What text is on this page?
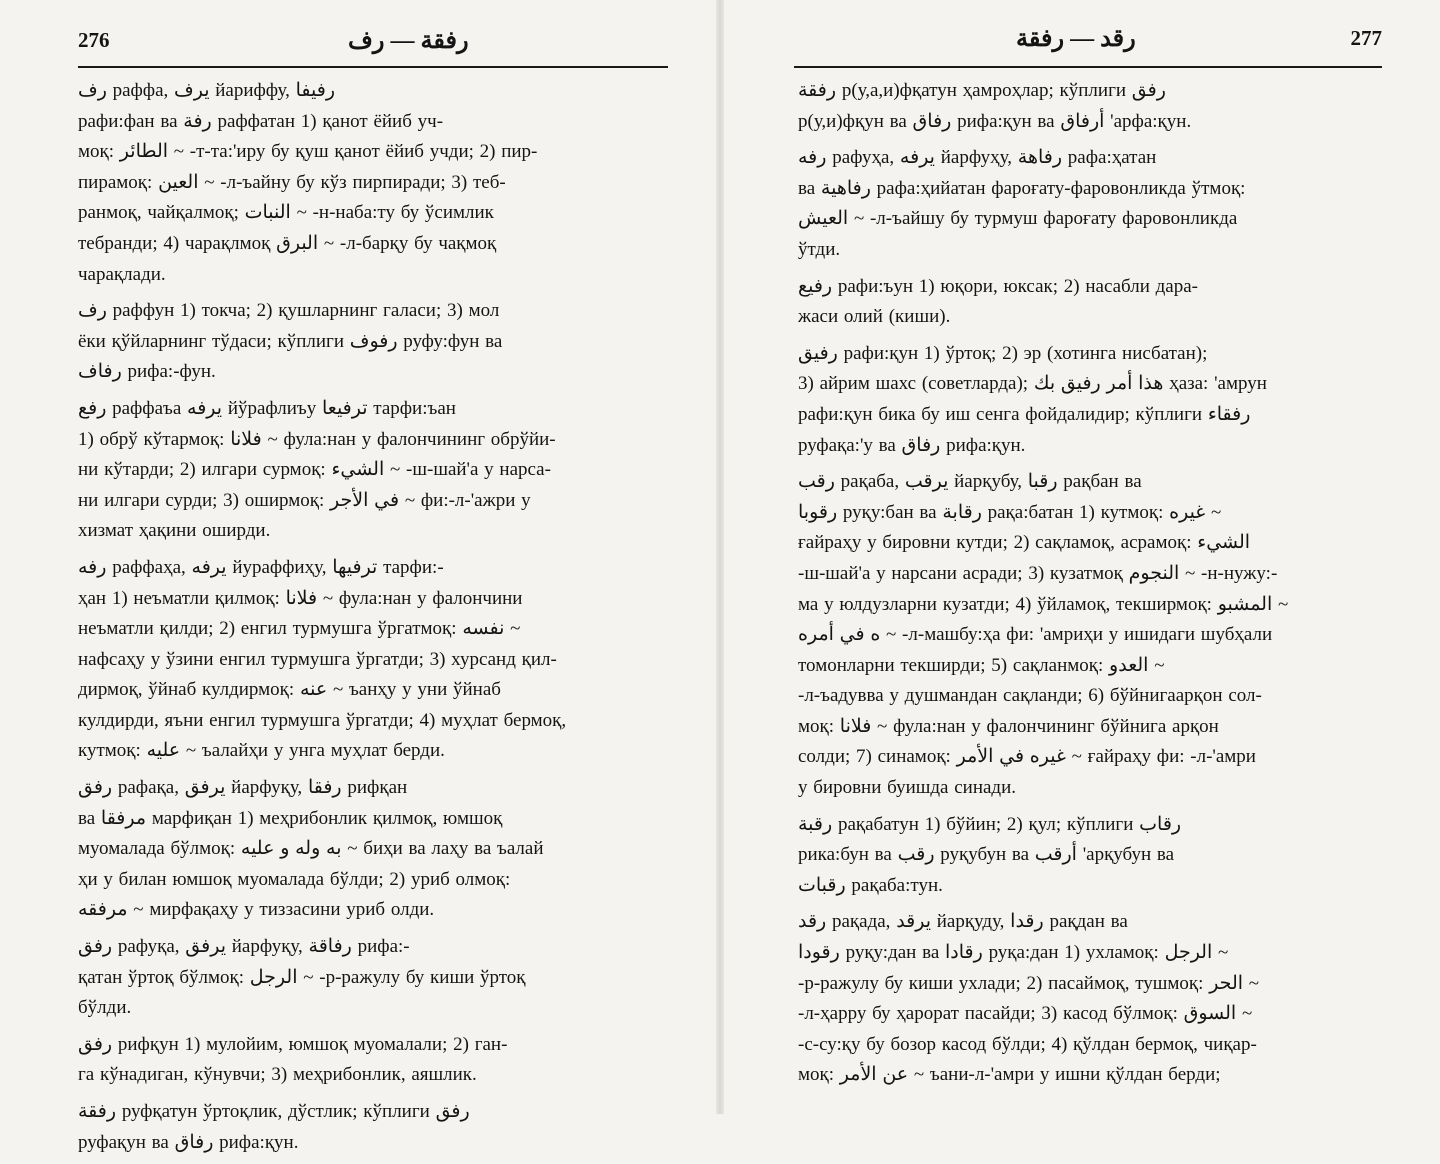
276	رفقة — رف

رف раффа, يرف йариффу, رفيفا
рафи:фан ва رفة раффатан 1) қанот ёйиб уч-
моқ: الطائر ~ -т-та:'иру бу қуш қанот ёйиб учди; 2) пир-
пирамоқ: العين ~ -л-ъайну бу кўз пирпиради; 3) теб-
ранмоқ, чайқалмоқ; النبات ~ -н-наба:ту бу ўсимлик
тебранди; 4) чарақлмоқ البرق ~ -л-барқу бу чақмоқ
чарақлади.

رف раффун 1) токча; 2) қушларнинг галаси; 3) мол
ёки қўйларнинг тўдаси; кўплиги رفوف руфу:фун ва
رفاف рифа:-фун.

رفع раффаъа يرفه йўрафлиъу ترفيعا тарфи:ъан
1) обрў кўтармоқ: فلانا ~ фула:нан у фалончининг обрўйи-
ни кўтарди; 2) илгари сурмоқ: الشيء ~ -ш-шай'а у нарса-
ни илгари сурди; 3) оширмоқ: في الأجر ~ фи:-л-'ажри у
хизмат ҳақини оширди.

رفه раффаҳа, يرفه йураффиҳу, ترفيها тарфи:-
ҳан 1) неъматли қилмоқ: فلانا ~ фула:нан у фалончини
неъматли қилди; 2) енгил турмушга ўргатмоқ: نفسه ~
нафсаҳу у ўзини енгил турмушга ўргатди; 3) хурсанд қил-
дирмоқ, ўйнаб кулдирмоқ: عنه ~ ъанҳу у уни ўйнаб
кулдирди, яъни енгил турмушга ўргатди; 4) муҳлат бермоқ,
кутмоқ: عليه ~ ъалайҳи у унга муҳлат берди.

رفق рафақа, يرفق йарфуқу, رفقا рифқан
ва مرفقا марфиқан 1) меҳрибонлик қилмоқ, юмшоқ
муомалада бўлмоқ: به وله و عليه ~ биҳи ва лаҳу ва ъалай
ҳи у билан юмшоқ муомалада бўлди; 2) уриб олмоқ:
مرفقه ~ мирфақаҳу у тиззасини уриб олди.

رفق рафуқа, يرفق йарфуқу, رفاقة рифа:-
қатан ўртоқ бўлмоқ: الرجل ~ -р-ражулу бу киши ўртоқ
бўлди.

رفق рифқун 1) мулойим, юмшоқ муомалали; 2) ган-
га кўнадиган, кўнувчи; 3) меҳрибонлик, аяшлик.

رفقة руфқатун ўртоқлик, дўстлик; кўплиги رفق
руфақун ва رفاق рифа:қун.

رقد — رفقة	277

رفقة р(у,а,и)фқатун ҳамроҳлар; кўплиги رفق
р(у,и)фқун ва رفاق рифа:қун ва أرفاق 'арфа:қун.

رفه рафуҳа, يرفه йарфуҳу, رفاهة рафа:ҳатан
ва رفاهية рафа:ҳийатан фароғату-фаровонликда ўтмоқ:
العيش ~ -л-ъайшу бу турмуш фароғату фаровонликда
ўтди.

رفيع рафи:ъун 1) юқори, юксак; 2) насабли дара-
жаси олий (киши).

رفيق рафи:қун 1) ўртоқ; 2) эр (хотинга нисбатан);
3) айрим шахс (советларда); هذا أمر رفيق بك ҳаза: 'амрун
рафи:қун бика бу иш сенга фойдалидир; кўплиги رفقاء
руфақа:'у ва رفاق рифа:қун.

رقب рақаба, يرقب йарқубу, رقبا рақбан ва
رقوبا руқу:бан ва رقابة рақа:батан 1) кутмоқ: غيره ~
ғайраҳу у бировни кутди; 2) сақламоқ, асрамоқ: الشيء
-ш-шай'а у нарсани асради; 3) кузатмоқ النجوم ~ -н-нужу:-
ма у юлдузларни кузатди; 4) ўйламоқ, текширмоқ: المشبو ~
ه في أمره ~ -л-машбу:ҳа фи: 'амриҳи у ишидаги шубҳали
томонларни текширди; 5) сақланмоқ: العدو ~
-л-ъадувва у душмандан сақланди; 6) бўйнигаарқон сол-
моқ: فلانا ~ фула:нан у фалончининг бўйнига арқон
солди; 7) синамоқ: غيره في الأمر ~ ғайраҳу фи: -л-'амри
у бировни буишда синади.

رقبة рақабатун 1) бўйин; 2) қул; кўплиги رقاب
рика:бун ва رقب руқубун ва أرقب 'арқубун ва
رقبات рақаба:тун.

رقد рақада, يرقد йарқуду, رقدا рақдан ва
رقودا руқу:дан ва رقادا руқа:дан 1) ухламоқ: الرجل ~
-р-ражулу бу киши ухлади; 2) пасаймоқ, тушмоқ: الحر ~
-л-ҳарру бу ҳарорат пасайди; 3) касод бўлмоқ: السوق ~
-с-су:қу бу бозор касод бўлди; 4) қўлдан бермоқ, чиқар-
моқ: عن الأمر ~ ъани-л-'амри у ишни қўлдан берди;
